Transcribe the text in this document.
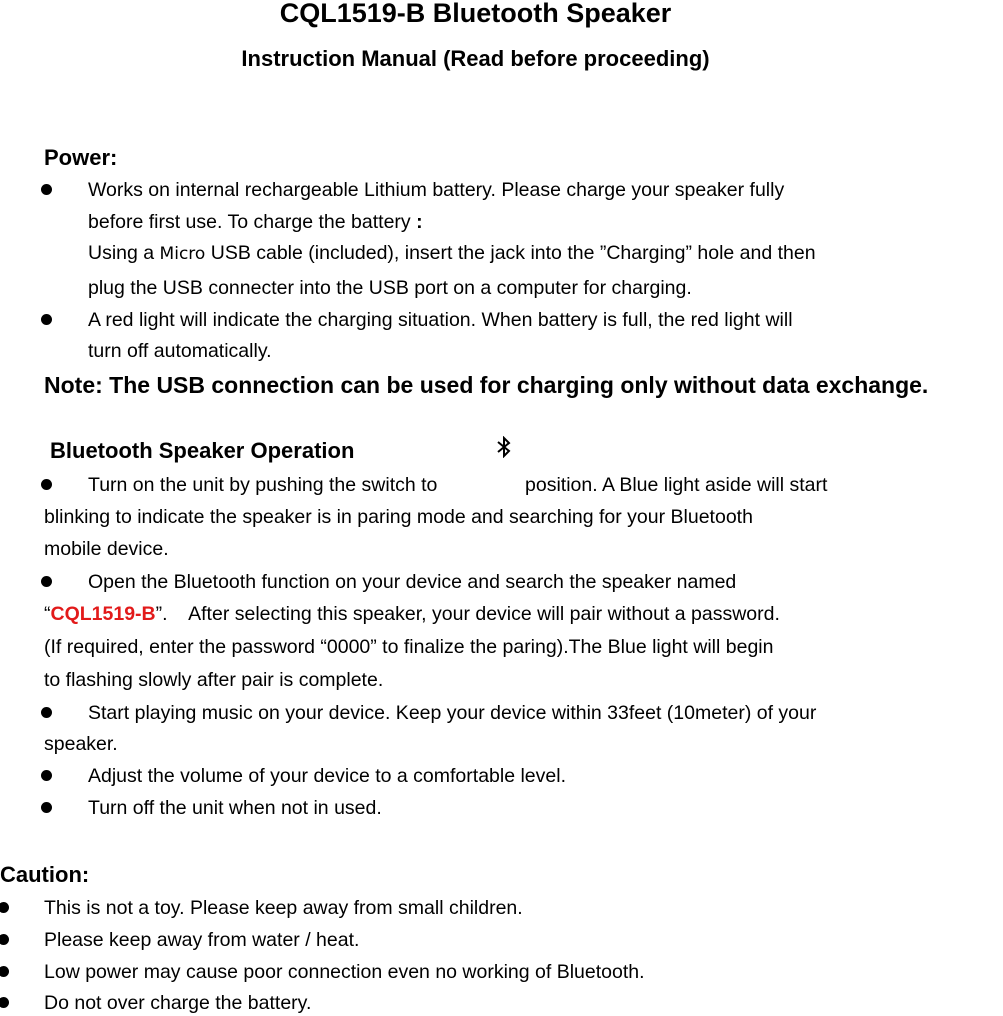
CQL1519-B Bluetooth Speaker
Instruction Manual (Read before proceeding)
Power:
Works on internal rechargeable Lithium battery. Please charge your speaker fully
before first use. To charge the battery :
Using a Micro USB cable (included), insert the jack into the ”Charging” hole and then
plug the USB connecter into the USB port on a computer for charging.
A red light will indicate the charging situation. When battery is full, the red light will
turn off automatically.
Note: The USB connection can be used for charging only without data exchange.
Bluetooth Speaker Operation
Turn on the unit by pushing the switch to	position. A Blue light aside will start
blinking to indicate the speaker is in paring mode and searching for your Bluetooth
mobile device.
Open the Bluetooth function on your device and search the speaker named
“CQL1519-B”.    After selecting this speaker, your device will pair without a password.
(If required, enter the password “0000” to finalize the paring).The Blue light will begin
to flashing slowly after pair is complete.
Start playing music on your device. Keep your device within 33feet (10meter) of your
speaker.
Adjust the volume of your device to a comfortable level.
Turn off the unit when not in used.
Caution:
This is not a toy. Please keep away from small children.
Please keep away from water / heat.
Low power may cause poor connection even no working of Bluetooth.
Do not over charge the battery.
